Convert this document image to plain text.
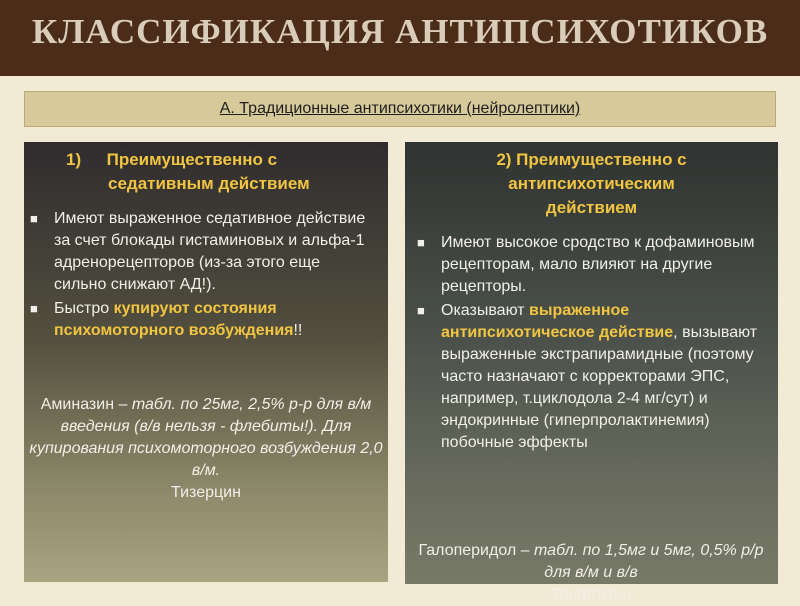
КЛАССИФИКАЦИЯ АНТИПСИХОТИКОВ
А. Традиционные антипсихотики (нейролептики)
1) Преимущественно с
седативным действием
■ Имеют выраженное седативное действие за счет блокады гистаминовых и альфа-1 адренорецепторов (из-за этого еще сильно снижают АД!).
■ Быстро купируют состояния психомоторного возбуждения!!
Аминазин – табл. по 25мг, 2,5% р-р для в/м введения (в/в нельзя - флебиты!). Для купирования психомоторного возбуждения 2,0 в/м.
Тизерцин
2) Преимущественно с
антипсихотическим
действием
■ Имеют высокое сродство к дофаминовым рецепторам, мало влияют на другие рецепторы.
■ Оказывают выраженное антипсихотическое действие, вызывают выраженные экстрапирамидные (поэтому часто назначают с корректорами ЭПС, например, т.циклодола 2-4 мг/сут) и эндокринные (гиперпролактинемия) побочные эффекты
Галоперидол – табл. по 1,5мг и 5мг, 0,5% р/р для в/м и в/в
Трифтазин
